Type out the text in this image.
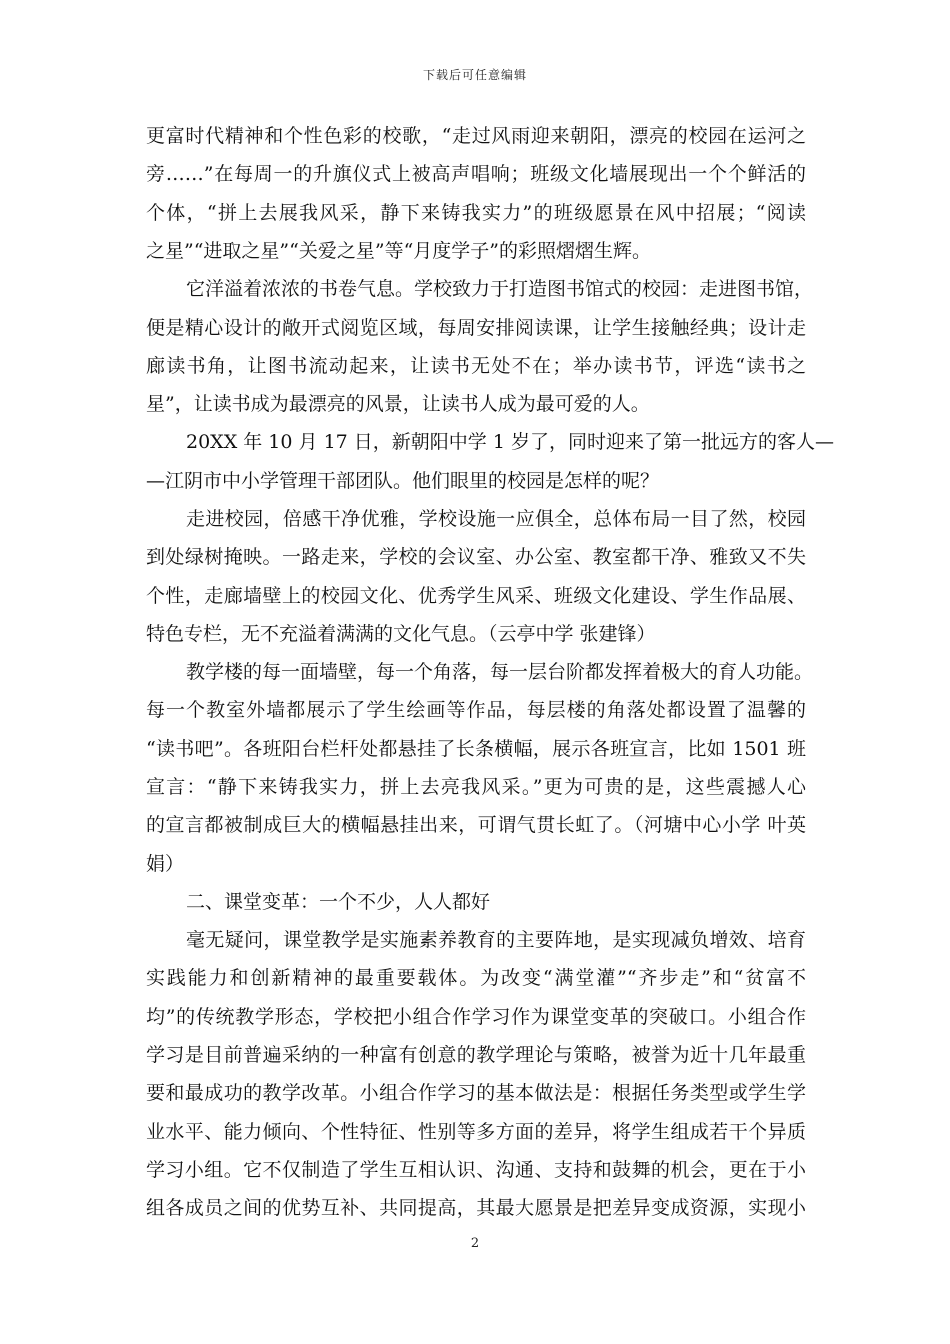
下载后可任意编辑
更富时代精神和个性色彩的校歌，“走过风雨迎来朝阳，漂亮的校园在运河之
旁……”在每周一的升旗仪式上被高声唱响；班级文化墙展现出一个个鲜活的
个体，“拼上去展我风采，静下来铸我实力”的班级愿景在风中招展；“阅读
之星”“进取之星”“关爱之星”等“月度学子”的彩照熠熠生辉。
它洋溢着浓浓的书卷气息。学校致力于打造图书馆式的校园：走进图书馆，
便是精心设计的敞开式阅览区域，每周安排阅读课，让学生接触经典；设计走
廊读书角，让图书流动起来，让读书无处不在；举办读书节，评选“读书之
星”，让读书成为最漂亮的风景，让读书人成为最可爱的人。
20XX 年 10 月 17 日，新朝阳中学 1 岁了，同时迎来了第一批远方的客人—
—江阴市中小学管理干部团队。他们眼里的校园是怎样的呢？
走进校园，倍感干净优雅，学校设施一应俱全，总体布局一目了然，校园
到处绿树掩映。一路走来，学校的会议室、办公室、教室都干净、雅致又不失
个性，走廊墙壁上的校园文化、优秀学生风采、班级文化建设、学生作品展、
特色专栏，无不充溢着满满的文化气息。（云亭中学 张建锋）
教学楼的每一面墙壁，每一个角落，每一层台阶都发挥着极大的育人功能。
每一个教室外墙都展示了学生绘画等作品，每层楼的角落处都设置了温馨的
“读书吧”。各班阳台栏杆处都悬挂了长条横幅，展示各班宣言，比如 1501 班
宣言：“静下来铸我实力，拼上去亮我风采。”更为可贵的是，这些震撼人心
的宣言都被制成巨大的横幅悬挂出来，可谓气贯长虹了。（河塘中心小学 叶英
娟）
二、课堂变革：一个不少，人人都好
毫无疑问，课堂教学是实施素养教育的主要阵地，是实现减负增效、培育
实践能力和创新精神的最重要载体。为改变“满堂灌”“齐步走”和“贫富不
均”的传统教学形态，学校把小组合作学习作为课堂变革的突破口。小组合作
学习是目前普遍采纳的一种富有创意的教学理论与策略，被誉为近十几年最重
要和最成功的教学改革。小组合作学习的基本做法是：根据任务类型或学生学
业水平、能力倾向、个性特征、性别等多方面的差异，将学生组成若干个异质
学习小组。它不仅制造了学生互相认识、沟通、支持和鼓舞的机会，更在于小
组各成员之间的优势互补、共同提高，其最大愿景是把差异变成资源，实现小
2
